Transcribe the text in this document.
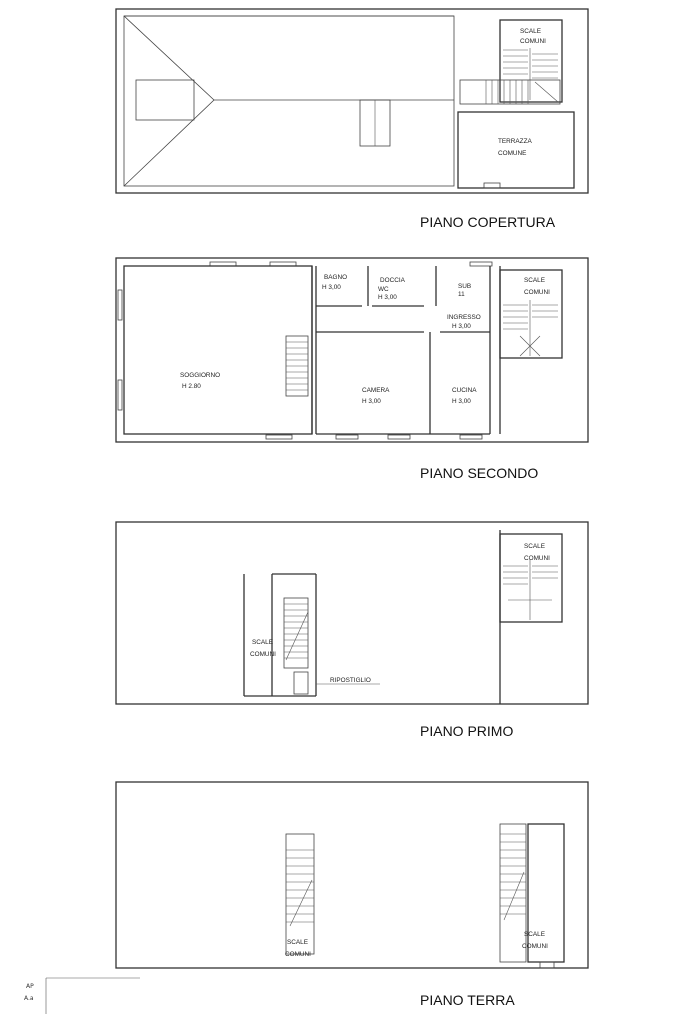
SCALE
COMUNI
TERRAZZA
COMUNE
PIANO COPERTURA
SCALE
COMUNI
BAGNO
H 3,00
DOCCIA
WC
H 3,00
SUB
11
INGRESSO
H 3,00
SOGGIORNO
H 2.80
CAMERA
H 3,00
CUCINA
H 3,00
PIANO SECONDO
SCALE
COMUNI
SCALE
COMUNI
RIPOSTIGLIO
PIANO PRIMO
SCALE
COMUNI
SCALE
COMUNI
PIANO TERRA
AP
A.a
